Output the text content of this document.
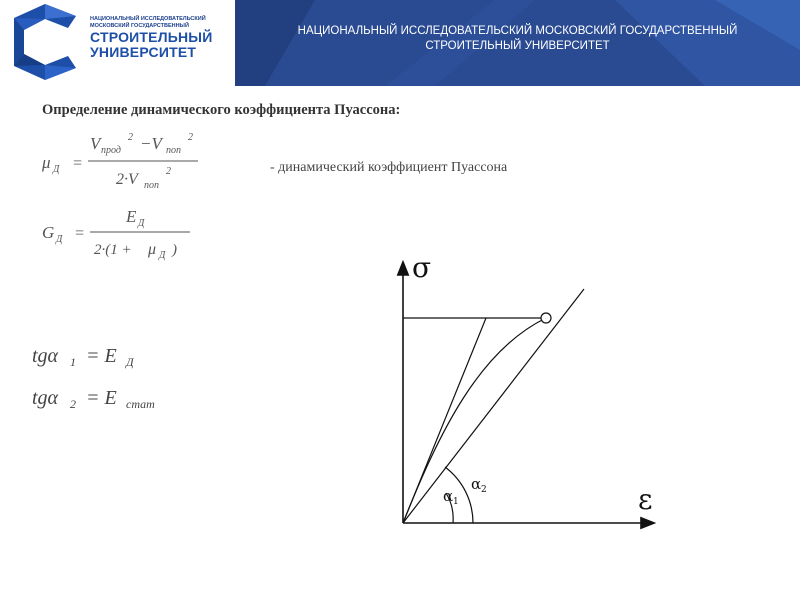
НАЦИОНАЛЬНЫЙ ИССЛЕДОВАТЕЛЬСКИЙ МОСКОВСКИЙ ГОСУДАРСТВЕННЫЙ
СТРОИТЕЛЬНЫЙ
УНИВЕРСИТЕТ
НАЦИОНАЛЬНЫЙ ИССЛЕДОВАТЕЛЬСКИЙ МОСКОВСКИЙ ГОСУДАРСТВЕННЫЙ
СТРОИТЕЛЬНЫЙ УНИВЕРСИТЕТ
Определение динамического коэффициента Пуассона:
μ Д =
V прод
2 −V поп
2
2·V поп
2	- динамический коэффициент Пуассона
G Д =
E Д
2·(1 + μ Д )
tgα 1 = E Д
tgα 2 = E стат
σ
ε
α 1
α 2
